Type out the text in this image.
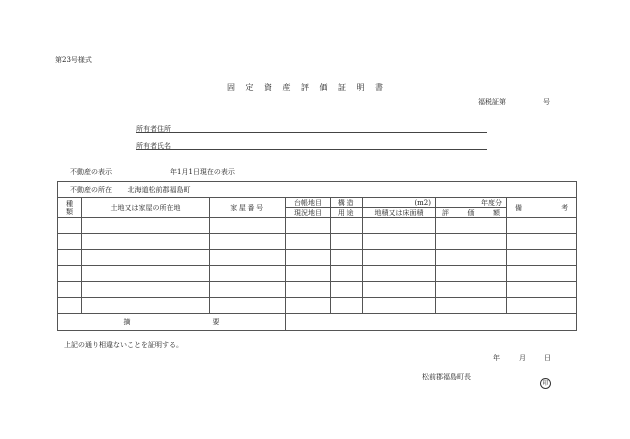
第23号様式
固定資産評価証明書
福税証第	号
所有者住所
所有者氏名
不動産の表示	年1月1日現在の表示
不動産の所在 北海道松前郡福島町							
種
類	土地又は家屋の所在地	家屋番号	台帳地目	構造	(m2)	年度分	備 考

			現況地目	用途	地積又は床面積	評 価 額	

摘 要							

上記の通り相違ないことを証明する。
年	月	日
松前郡福島町長
印
